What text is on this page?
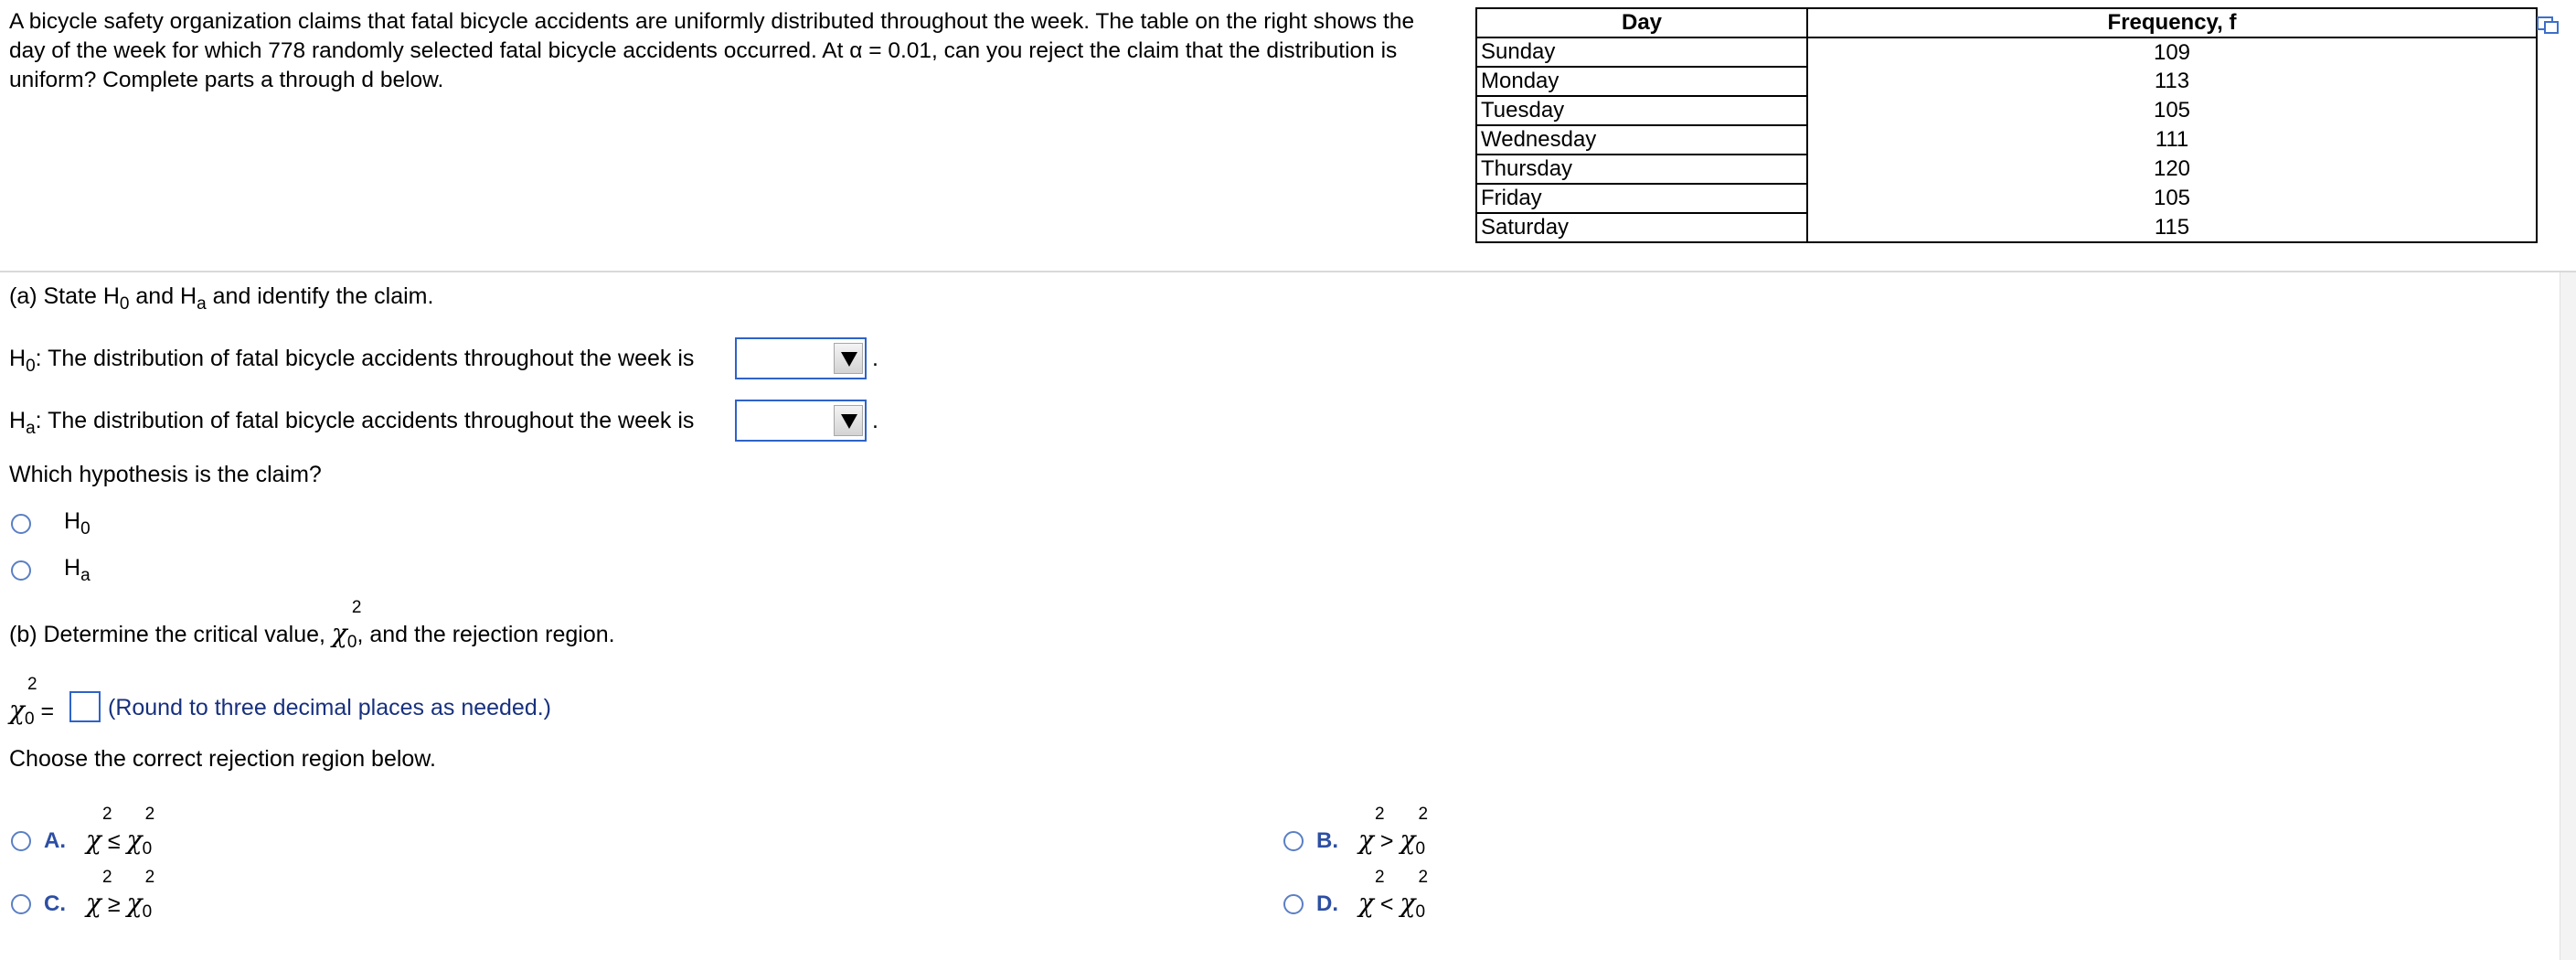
A bicycle safety organization claims that fatal bicycle accidents are uniformly distributed throughout the week. The table on the right shows the day of the week for which 778 randomly selected fatal bicycle accidents occurred. At α = 0.01, can you reject the claim that the distribution is uniform? Complete parts a through d below.
Day	Frequency, f
Sunday	109
Monday	113
Tuesday	105
Wednesday	111
Thursday	120
Friday	105
Saturday	115
(a) State $H_0$ and $H_a$ and identify the claim.
$H_0$: The distribution of fatal bicycle accidents throughout the week is	.
$H_a$: The distribution of fatal bicycle accidents throughout the week is	.
Which hypothesis is the claim?
$H_0$
$H_a$
(b) Determine the critical value, χ
2
$_0$, and the rejection region.
χ
2
$_0$ = (Round to three decimal places as needed.)
Choose the correct rejection region below.
A. χ
2
≤ χ
2
$_0$	B. χ
2
> χ
2
$_0$
C. χ
2
≥ χ
2
$_0$	D. χ
2
< χ
2
$_0$
